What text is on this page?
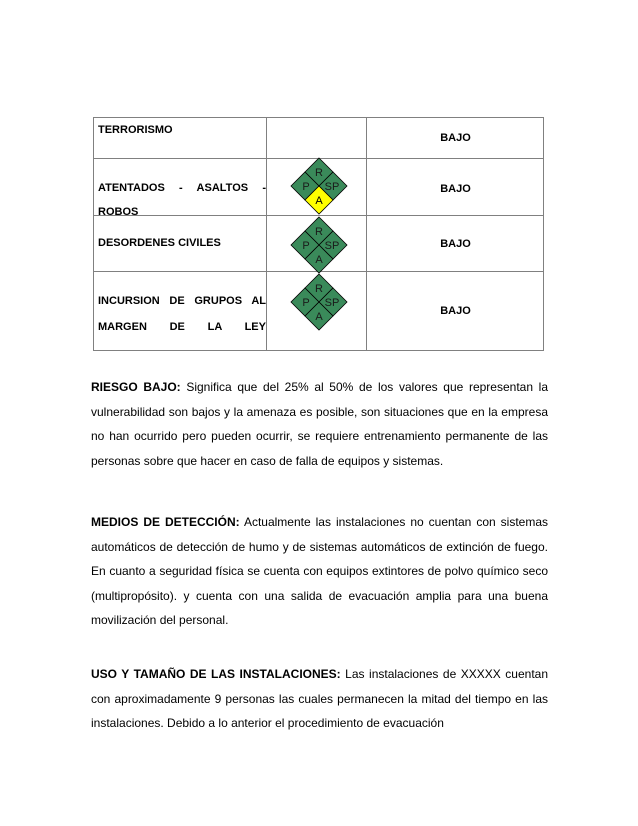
TERRORISMO
BAJO
ATENTADOS - ASALTOS - ROBOS
BAJO
DESORDENES CIVILES	BAJO
INCURSION DE GRUPOS AL MARGEN DE LA LEY
BAJO
R
P SP
A
R
P SP
A
R
P SP
A

RIESGO BAJO: Significa que del 25% al 50% de los valores que representan la vulnerabilidad son bajos y la amenaza es posible, son situaciones que en la empresa no han ocurrido pero pueden ocurrir, se requiere entrenamiento permanente de las personas sobre que hacer en caso de falla de equipos y sistemas.

MEDIOS DE DETECCIÓN: Actualmente las instalaciones no cuentan con sistemas automáticos de detección de humo y de sistemas automáticos de extinción de fuego. En cuanto a seguridad física se cuenta con equipos extintores de polvo químico seco (multipropósito). y cuenta con una salida de evacuación amplia para una buena movilización del personal.

USO Y TAMAÑO DE LAS INSTALACIONES: Las instalaciones de XXXXX cuentan con aproximadamente 9 personas las cuales permanecen la mitad del tiempo en las instalaciones. Debido a lo anterior el procedimiento de evacuación
